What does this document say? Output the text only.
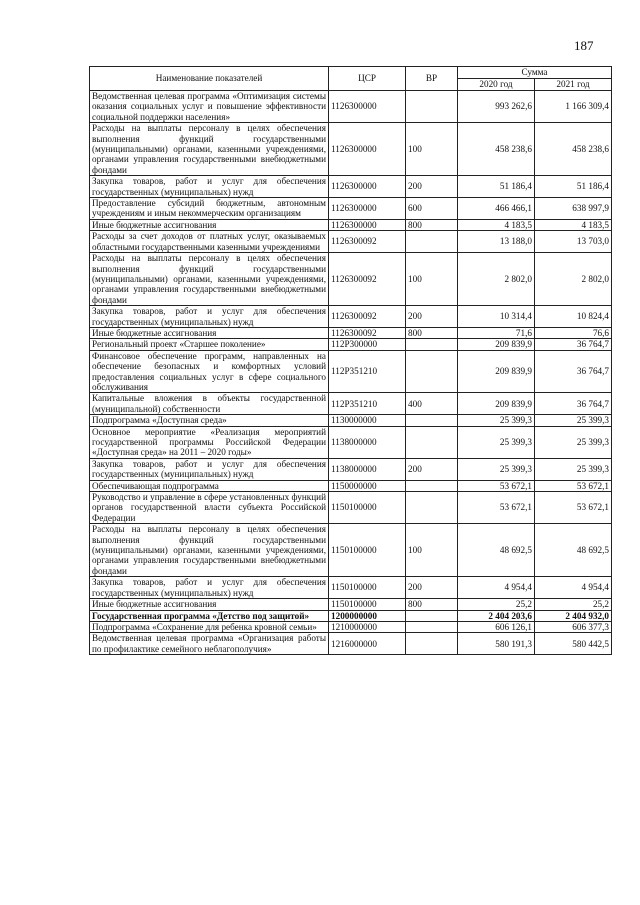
187
Наименование показателей	ЦСР	ВР	Сумма	
			2020 год	2021 год
Ведомственная целевая программа «Оптимизация системы оказания социальных услуг и повышение эффективности социальной поддержки населения»	1126300000		993 262,6	1 166 309,4
Расходы на выплаты персоналу в целях обеспечения выполнения функций государственными (муниципальными) органами, казенными учреждениями, органами управления государственными внебюджетными фондами	1126300000	100	458 238,6	458 238,6
Закупка товаров, работ и услуг для обеспечения государственных (муниципальных) нужд	1126300000	200	51 186,4	51 186,4
Предоставление субсидий бюджетным, автономным учреждениям и иным некоммерческим организациям	1126300000	600	466 466,1	638 997,9
Иные бюджетные ассигнования	1126300000	800	4 183,5	4 183,5
Расходы за счет доходов от платных услуг, оказываемых областными государственными казенными учреждениями	1126300092		13 188,0	13 703,0
Расходы на выплаты персоналу в целях обеспечения выполнения функций государственными (муниципальными) органами, казенными учреждениями, органами управления государственными внебюджетными фондами	1126300092	100	2 802,0	2 802,0
Закупка товаров, работ и услуг для обеспечения государственных (муниципальных) нужд	1126300092	200	10 314,4	10 824,4
Иные бюджетные ассигнования	1126300092	800	71,6	76,6
Региональный проект «Старшее поколение»	112P300000		209 839,9	36 764,7
Финансовое обеспечение программ, направленных на обеспечение безопасных и комфортных условий предоставления социальных услуг в сфере социального обслуживания	112P351210		209 839,9	36 764,7
Капитальные вложения в объекты государственной (муниципальной) собственности	112P351210	400	209 839,9	36 764,7
Подпрограмма «Доступная среда»	1130000000		25 399,3	25 399,3
Основное мероприятие «Реализация мероприятий государственной программы Российской Федерации «Доступная среда» на 2011 – 2020 годы»	1138000000		25 399,3	25 399,3
Закупка товаров, работ и услуг для обеспечения государственных (муниципальных) нужд	1138000000	200	25 399,3	25 399,3
Обеспечивающая подпрограмма	1150000000		53 672,1	53 672,1
Руководство и управление в сфере установленных функций органов государственной власти субъекта Российской Федерации	1150100000		53 672,1	53 672,1
Расходы на выплаты персоналу в целях обеспечения выполнения функций государственными (муниципальными) органами, казенными учреждениями, органами управления государственными внебюджетными фондами	1150100000	100	48 692,5	48 692,5
Закупка товаров, работ и услуг для обеспечения государственных (муниципальных) нужд	1150100000	200	4 954,4	4 954,4
Иные бюджетные ассигнования	1150100000	800	25,2	25,2
Государственная программа «Детство под защитой»	1200000000		2 404 203,6	2 404 932,0
Подпрограмма «Сохранение для ребенка кровной семьи»	1210000000		606 126,1	606 377,3
Ведомственная целевая программа «Организация работы по профилактике семейного неблагополучия»	1216000000		580 191,3	580 442,5
